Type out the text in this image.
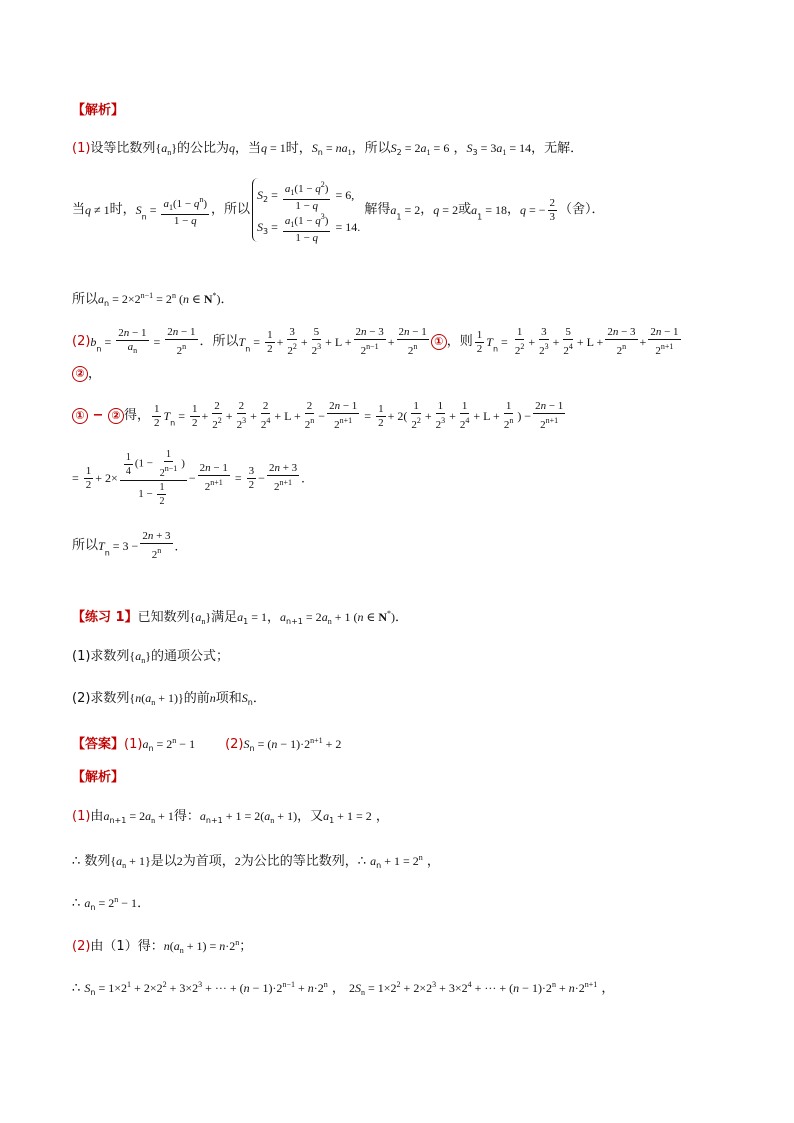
【解析】
(1)设等比数列$\{a_n\}$的公比为q，当q = 1时，$S_n = na_1$，所以$S_2 = 2a_1 = 6$ ，$S_3 = 3a_1 = 14$，无解．
当q ≠ 1时，$S_n = \frac{a_1(1 - q^n)}{1 - q}$ ，所以
$S_2 = \frac{a_1(1 - q^2)}{1 - q} = 6$,
$S_3 = \frac{a_1(1 - q^3)}{1 - q} = 14$.
解得$a_1 = 2$，q = 2或$a_1 = 18$，q = − $\frac{2}{3}$ （舍）．
所以$a_n = 2\times 2^{n-1} = 2^n$ (n ∈ N*)．
$(2)b_n = \frac{2n - 1}{a_n} = \frac{2n - 1}{2^n}$ ．所以$T_n = \frac{1}{2} + \frac{3}{2^2} + \frac{5}{2^3} + L + \frac{2n - 3}{2^{n-1}} + \frac{2n - 1}{2^n}$ ① ，则 $\frac{1}{2} T_n = \frac{1}{2^2} + \frac{3}{2^3} + \frac{5}{2^4} + L + \frac{2n - 3}{2^n} + \frac{2n - 1}{2^{n+1}}$
② ，
① − ② 得， $\frac{1}{2} T_n = \frac{1}{2} + \frac{2}{2^2} + \frac{2}{2^3} + \frac{2}{2^4} + L + \frac{2}{2^n} - \frac{2n - 1}{2^{n+1}} = \frac{1}{2} + 2( \frac{1}{2^2} + \frac{1}{2^3} + \frac{1}{2^4} + L + \frac{1}{2^n}$ ) − $\frac{2n - 1}{2^{n+1}}$
= $\frac{1}{2} + 2\times \frac{\frac{1}{4} (1 - \frac{1}{2^{n-1}} )}{1 - \frac{1}{2}} - \frac{2n - 1}{2^{n+1}} = \frac{3}{2} - \frac{2n + 3}{2^{n+1}}$ ．
所以$T_n = 3 - \frac{2n + 3}{2^n}$ ．
【练习 1】已知数列$\{a_n\}$满足$a_1 = 1$，$a_{n+1} = 2a_n + 1$ (n ∈ N*)．
(1)求数列$\{a_n\}$的通项公式；
(2)求数列$\{n(a_n + 1)\}$的前n项和$S_n$．
【答案】$(1)a_n = 2^n - 1$ $(2)S_n = (n - 1)\cdot 2^{n+1} + 2$
【解析】
(1)由$a_{n+1} = 2a_n + 1$得：$a_{n+1} + 1 = 2(a_n + 1)$，又$a_1 + 1 = 2$ ，
∴ 数列$\{a_n + 1\}$是以2为首项，2为公比的等比数列，∴ $a_n + 1 = 2^n$ ，
∴ $a_n = 2^n - 1$．
(2)由（1）得：$n(a_n + 1) = n\cdot 2^n$；
∴ $S_n = 1\times 2^1 + 2\times 2^2 + 3\times 2^3$ + ··· + $(n - 1)\cdot 2^{n-1} + n\cdot 2^n$ ， $2S_n = 1\times 2^2 + 2\times 2^3 + 3\times 2^4$ + ··· + $(n - 1)\cdot 2^n + n\cdot 2^{n+1}$ ，
